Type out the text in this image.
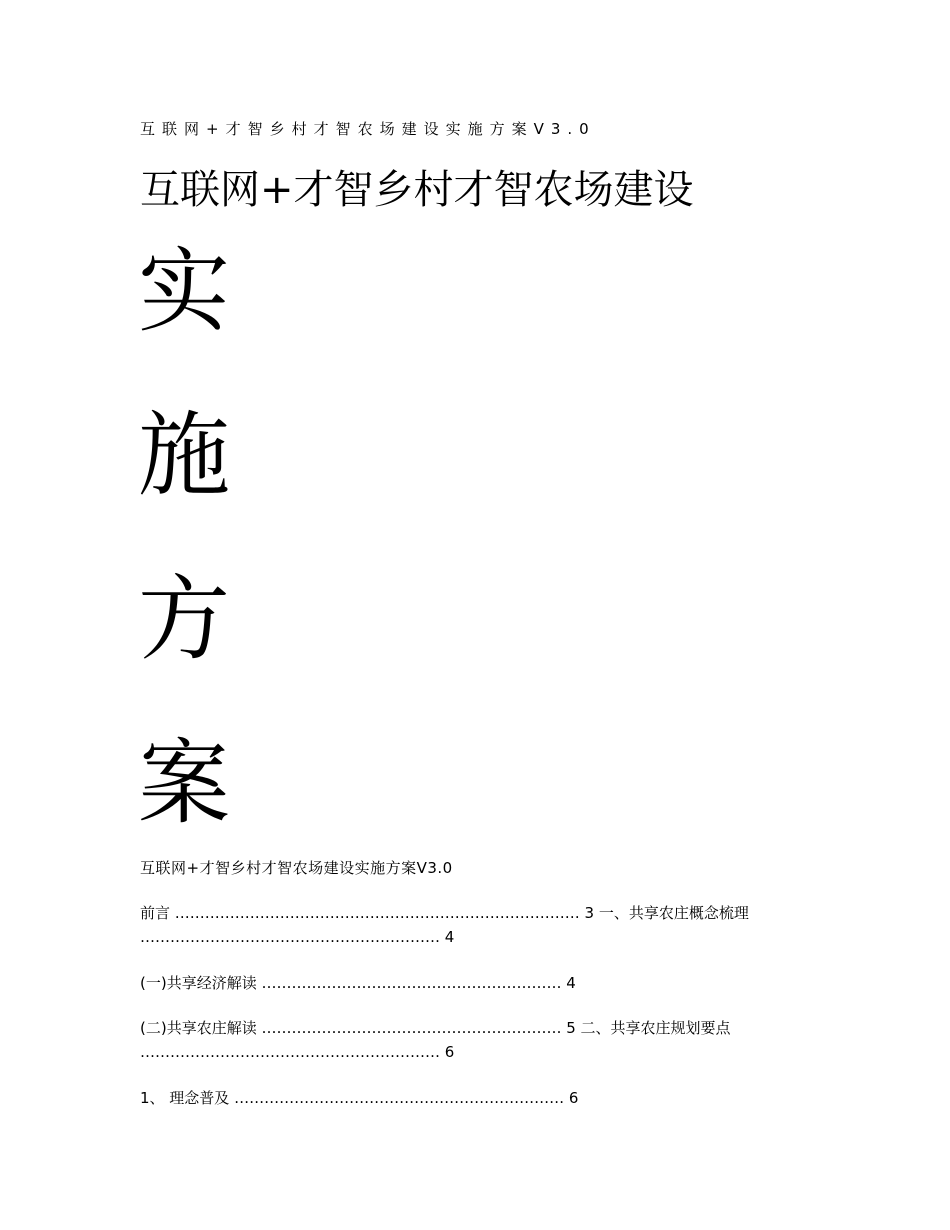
互联网+才智乡村才智农场建设实施方案V3.0
互联网+才智乡村才智农场建设
实
施
方
案
互联网+才智乡村才智农场建设实施方案V3.0
前言 ……………………………………………………………………… 3 一、共享农庄概念梳理
…………………………………………………… 4
(一)共享经济解读 …………………………………………………… 4
(二)共享农庄解读 …………………………………………………… 5 二、共享农庄规划要点
…………………………………………………… 6
1、 理念普及 ………………………………………………………… 6
